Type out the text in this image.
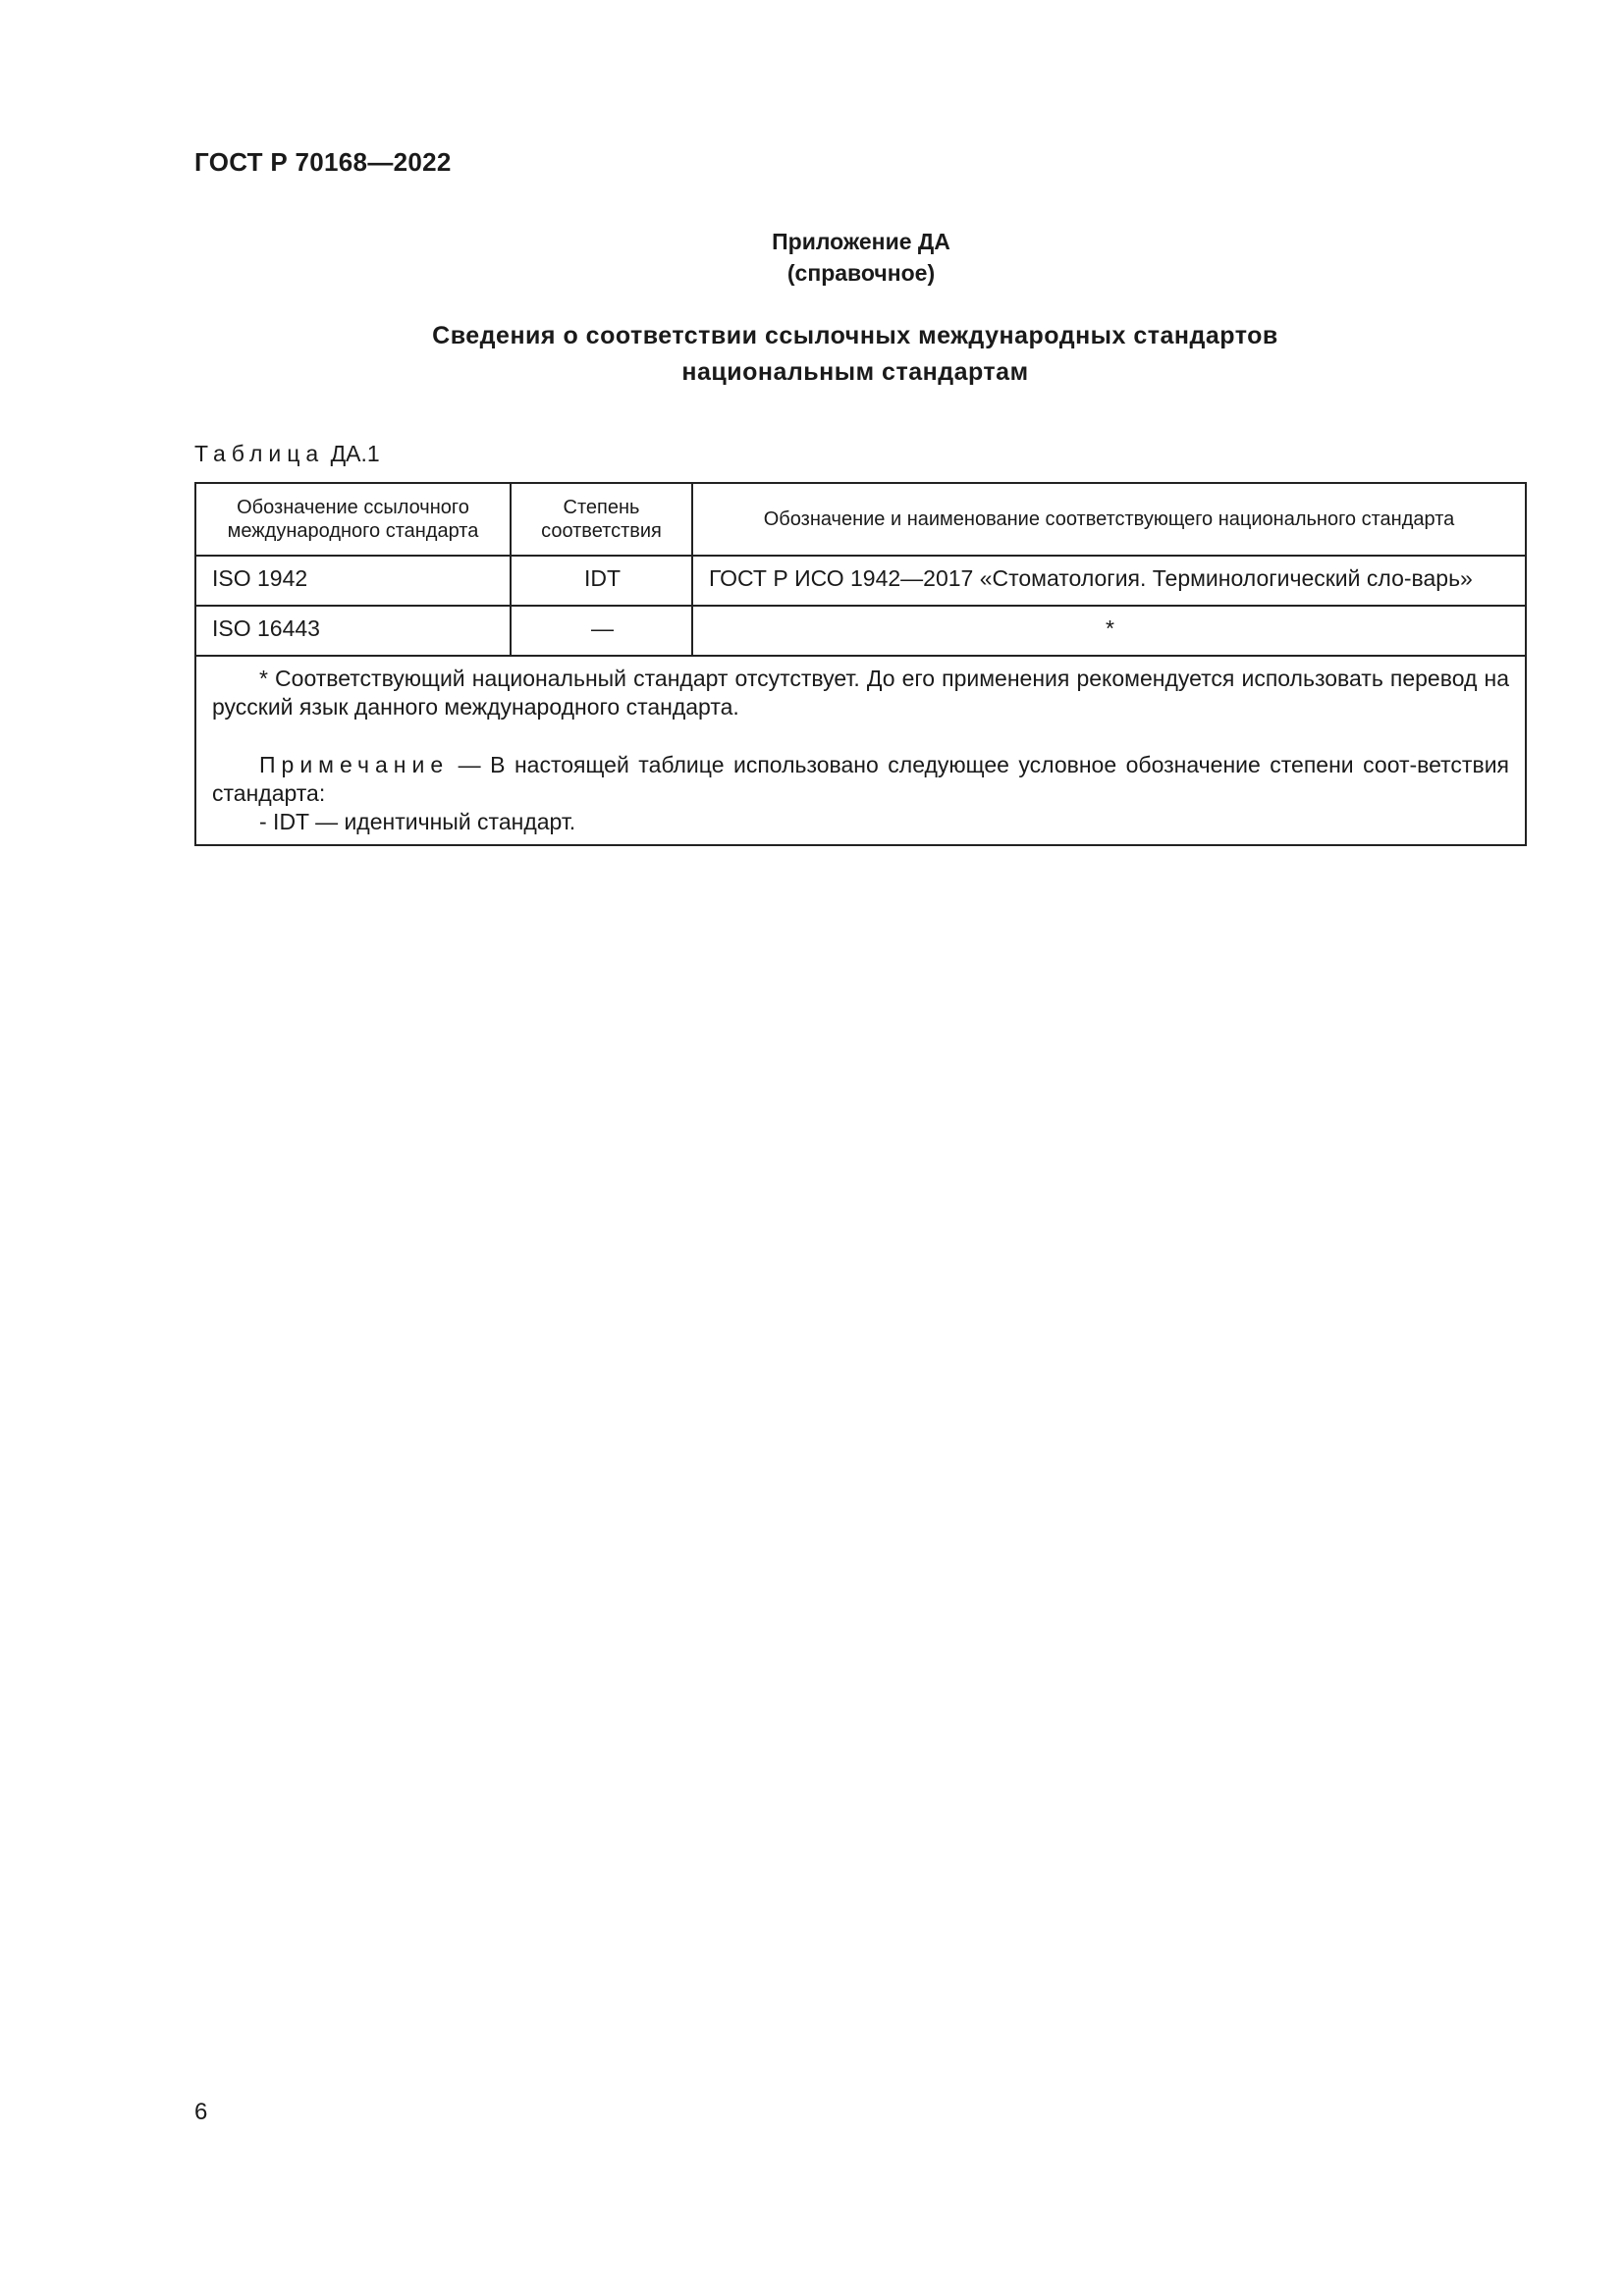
ГОСТ Р 70168—2022
Приложение ДА
(справочное)
Сведения о соответствии ссылочных международных стандартов
национальным стандартам
Таблица ДА.1
Обозначение ссылочного международного стандарта	Степень соответствия	Обозначение и наименование соответствующего национального стандарта
ISO 1942	IDT	ГОСТ Р ИСО 1942—2017 «Стоматология. Терминологический сло-варь»
ISO 16443	—	*

* Соответствующий национальный стандарт отсутствует. До его применения рекомендуется использовать перевод на русский язык данного международного стандарта.

Примечание — В настоящей таблице использовано следующее условное обозначение степени соот-ветствия стандарта:

- IDT — идентичный стандарт.		
6
